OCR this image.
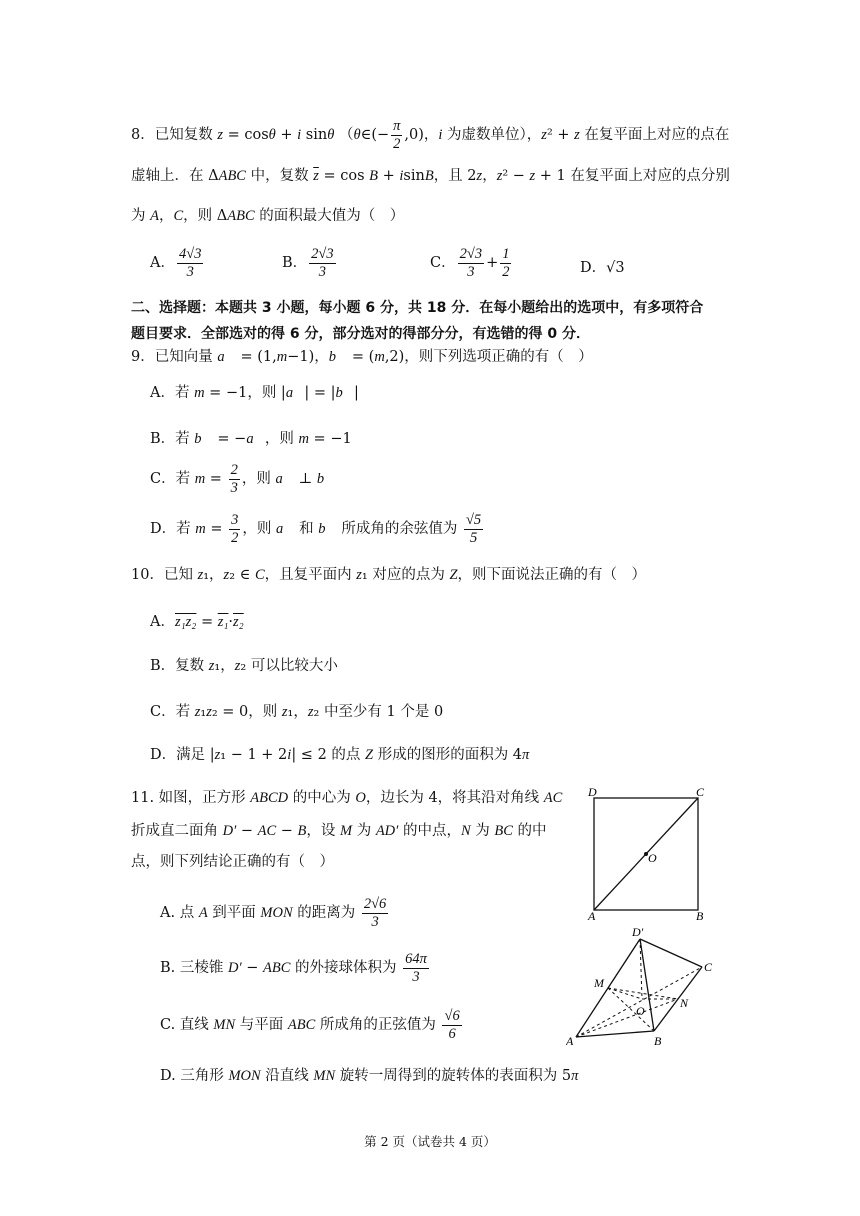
8．已知复数 z = cosθ + i sinθ （θ∈(− $\frac{\pi}{2} ,0$)，i 为虚数单位），z² + z 在复平面上对应的点在
虚轴上．在 ΔABC 中，复数 $\overline{z} = \cos B + isinB$，且 2z，z² − z + 1 在复平面上对应的点分别
为 A，C，则 ΔABC 的面积最大值为（　）
A． $\frac{4√3}{3}$	B． $\frac{2√3}{3}$	C． $\frac{2√3}{3} + \frac{1}{2}$	D．√3
二、选择题：本题共 3 小题，每小题 6 分，共 18 分．在每小题给出的选项中，有多项符合
题目要求．全部选对的得 6 分，部分选对的得部分分，有选错的得 0 分．
9．已知向量 a⃗ = (1,m−1)，b⃗ = (m,2)，则下列选项正确的有（　）
A．若 m = −1，则 |a⃗| = |b⃗|
B．若 b⃗ = −a⃗，则 m = −1
C．若 $m = \frac{2}{3}$ ，则 a⃗ ⊥ b⃗
D．若 $m = \frac{3}{2}$ ，则 a⃗ 和 b⃗ 所成角的余弦值为 $\frac{√5}{5}$
10．已知 z₁，z₂ ∈ C，且复平面内 z₁ 对应的点为 Z，则下面说法正确的有（　）
A．z₁z₂ = z₁·z₂
B．复数 z₁，z₂ 可以比较大小
C．若 z₁z₂ = 0，则 z₁，z₂ 中至少有 1 个是 0
D．满足 |z₁ − 1 + 2i| ≤ 2 的点 Z 形成的图形的面积为 4π
11. 如图，正方形 ABCD 的中心为 O，边长为 4，将其沿对角线 AC
折成直二面角 D′ − AC − B，设 M 为 AD′ 的中点，N 为 BC 的中
点，则下列结论正确的有（　）
A. 点 A 到平面 MON 的距离为 $\frac{2√6}{3}$
B. 三棱锥 D′ − ABC 的外接球体积为 $\frac{64\pi}{3}$
C. 直线 MN 与平面 ABC 所成角的正弦值为 $\frac{√6}{6}$
D. 三角形 MON 沿直线 MN 旋转一周得到的旋转体的表面积为 5π
D	C
O
A	B
D′
M
C
O
N
A	B
第 2 页（试卷共 4 页）
